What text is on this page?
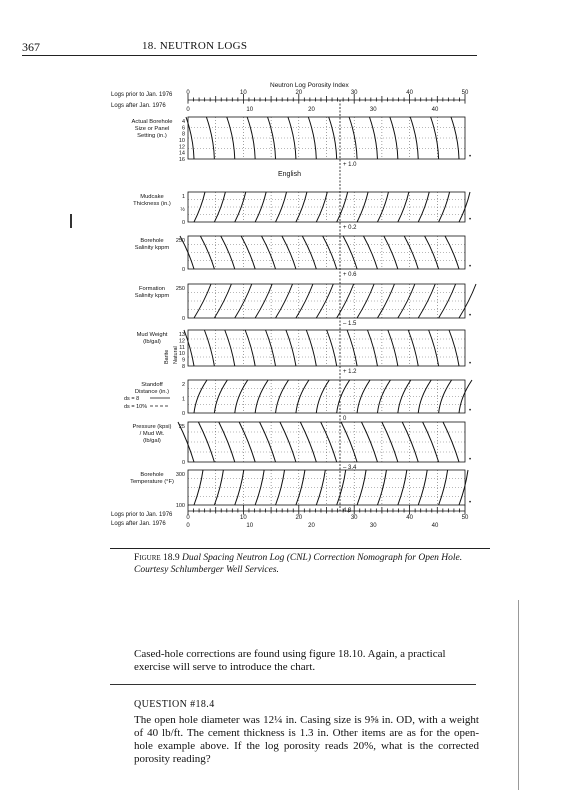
367	18. NEUTRON LOGS
Neutron Log Porosity Index
Logs prior to Jan. 1976
Logs after Jan. 1976
English
Logs prior to Jan. 1976
Logs after Jan. 1976
0	10	20	30	40	50
0	10	20	30	40
0	10	20	30	40	50
0	10	20	30	40
4
6
8
10
12
14
16
+ 1.0
•
Actual Borehole
Size or Panel
Setting (in.)
1
½
0
+ 0.2
•
Mudcake
Thickness (in.)
250
0
+ 0.6
•
Borehole
Salinity kppm
250
0
– 1.5
•
Formation
Salinity kppm
13
12
11
10
9
8
+ 1.2
•
Mud Weight
(lb/gal)
Barite Natural
2
1
0
0
•
Standoff
Distance (in.)
ds = 8
ds = 10%
25
0
– 3.4
•
Pressure (kpsi)
/ Mud Wt.
(lb/gal)
300
100
4.3
•
Borehole
Temperature (°F)
Figure 18.9 Dual Spacing Neutron Log (CNL) Correction Nomograph for Open Hole. Courtesy Schlumberger Well Services.
Cased-hole corrections are found using figure 18.10. Again, a practical exercise will serve to introduce the chart.
QUESTION #18.4
The open hole diameter was 12¼ in. Casing size is 9⅝ in. OD, with a weight of 40 lb/ft. The cement thickness is 1.3 in. Other items are as for the open-hole example above. If the log porosity reads 20%, what is the corrected porosity reading?
